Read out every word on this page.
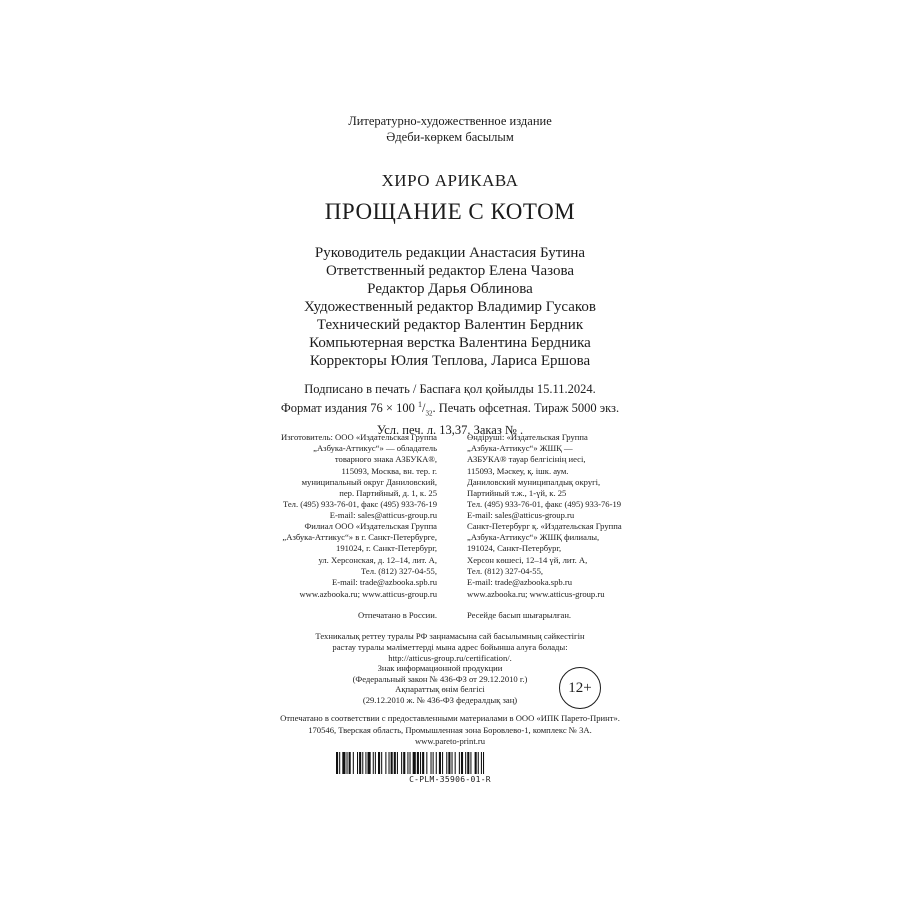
Литературно-художественное издание
Әдеби-көркем басылым
ХИРО АРИКАВА
ПРОЩАНИЕ С КОТОМ
Руководитель редакции Анастасия Бутина
Ответственный редактор Елена Чазова
Редактор Дарья Облинова
Художественный редактор Владимир Гусаков
Технический редактор Валентин Бердник
Компьютерная верстка Валентина Бердника
Корректоры Юлия Теплова, Лариса Ершова
Подписано в печать / Баспаға қол қойылды 15.11.2024.
Формат издания 76 × 100 $^1/_{32}$. Печать офсетная. Тираж 5000 экз.
Усл. печ. л. 13,37. Заказ № .
Изготовитель: ООО «Издательская Группа
„Азбука-Аттикус“» — обладатель
товарного знака АЗБУКА®,
115093, Москва, вн. тер. г.
муниципальный округ Даниловский,
пер. Партийный, д. 1, к. 25
Тел. (495) 933-76-01, факс (495) 933-76-19
E-mail: sales@atticus-group.ru
Өндіруші: «Издательская Группа
„Азбука-Аттикус“» ЖШҚ —
АЗБУКА® тауар белгісінің иесі,
115093, Мәскеу, қ. ішк. аум.
Даниловский муниципалдық округі,
Партийный т.ж., 1-үй, к. 25
Тел. (495) 933-76-01, факс (495) 933-76-19
E-mail: sales@atticus-group.ru
Филиал ООО «Издательская Группа
„Азбука-Аттикус“» в г. Санкт-Петербурге,
191024, г. Санкт-Петербург,
ул. Херсонская, д. 12–14, лит. А,
Тел. (812) 327-04-55,
E-mail: trade@azbooka.spb.ru
Санкт-Петербург қ. «Издательская Группа
„Азбука-Аттикус“» ЖШҚ филиалы,
191024, Санкт-Петербург,
Херсон көшесі, 12–14 үй, лит. А,
Тел. (812) 327-04-55,
E-mail: trade@azbooka.spb.ru
www.azbooka.ru; www.atticus-group.ru	www.azbooka.ru; www.atticus-group.ru
Отпечатано в России.	Ресейде басып шығарылған.
Техникалық реттеу туралы РФ заңнамасына сай басылымның сәйкестігін
растау туралы мәліметтерді мына адрес бойынша алуға болады:
http://atticus-group.ru/certification/.
Знак информационной продукции
(Федеральный закон № 436-ФЗ от 29.12.2010 г.)
Ақпараттық өнім белгісі
(29.12.2010 ж. № 436-ФЗ федералдық заң)
12+
Отпечатано в соответствии с предоставленными материалами в ООО «ИПК Парето-Принт».
170546, Тверская область, Промышленная зона Боровлево-1, комплекс № 3А.
www.pareto-print.ru
C-PLM-35906-01-R
